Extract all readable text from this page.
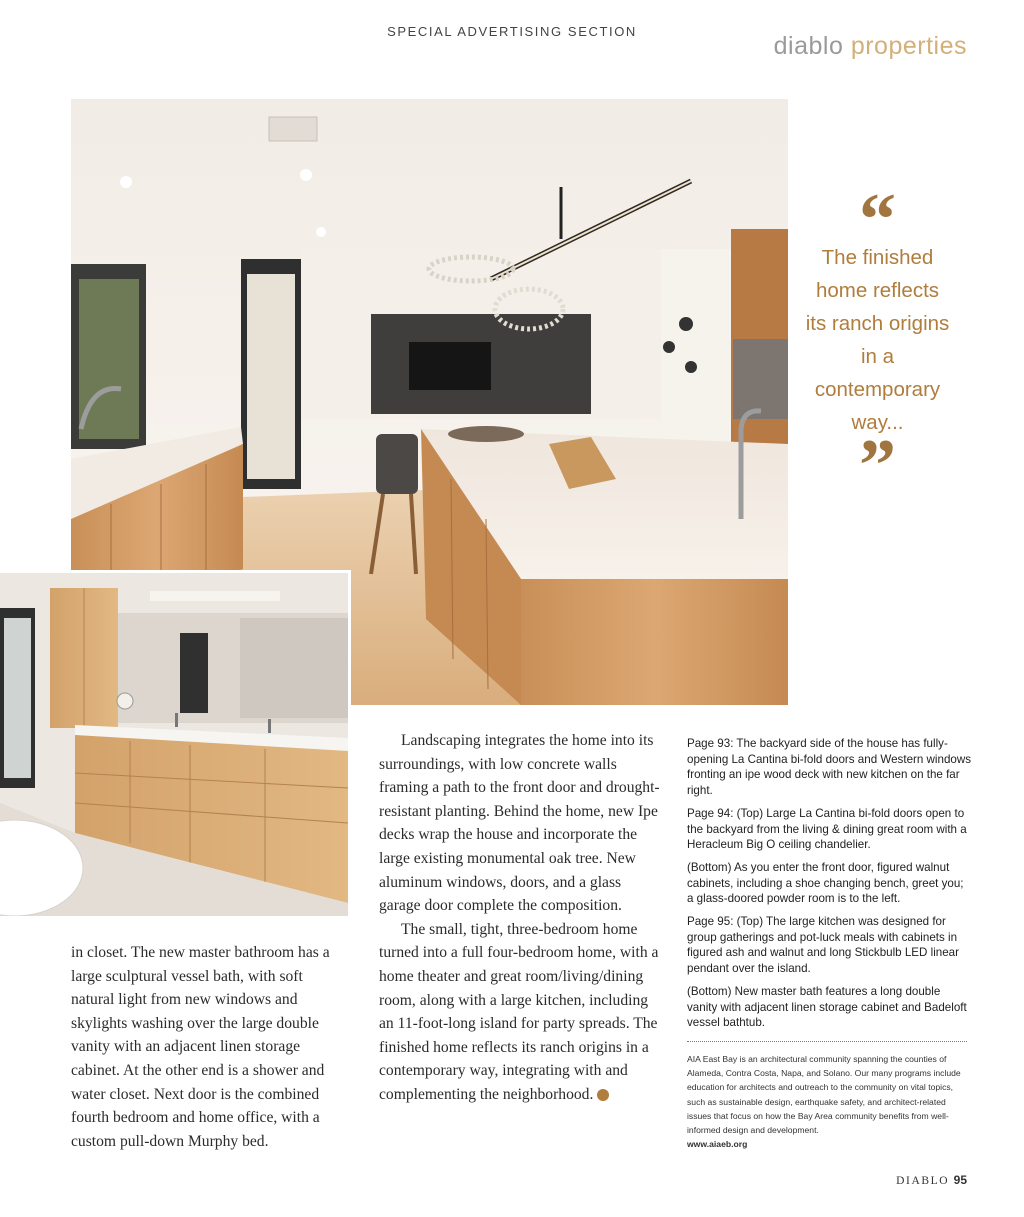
SPECIAL ADVERTISING SECTION
diablo properties
“
The finished home reflects its ranch origins in a contemporary way...
”

in closet. The new master bathroom has a large sculptural vessel bath, with soft natural light from new windows and skylights washing over the large double vanity with an adjacent linen storage cabinet. At the other end is a shower and water closet. Next door is the combined fourth bedroom and home office, with a custom pull-down Murphy bed.

Landscaping integrates the home into its surroundings, with low concrete walls framing a path to the front door and drought-resistant planting. Behind the home, new Ipe decks wrap the house and incorporate the large existing monumental oak tree. New aluminum windows, doors, and a glass garage door complete the composition.

The small, tight, three-bedroom home turned into a full four-bedroom home, with a home theater and great room/living/dining room, along with a large kitchen, including an 11-foot-long island for party spreads. The finished home reflects its ranch origins in a contemporary way, integrating with and complementing the neighborhood.	d

Page 93: The backyard side of the house has fully-opening La Cantina bi-fold doors and Western windows fronting an ipe wood deck with new kitchen on the far right.

Page 94: (Top) Large La Cantina bi-fold doors open to the backyard from the living & dining great room with a Heracleum Big O ceiling chandelier.

(Bottom) As you enter the front door, figured walnut cabinets, including a shoe changing bench, greet you; a glass-doored powder room is to the left.

Page 95: (Top) The large kitchen was designed for group gatherings and pot-luck meals with cabinets in figured ash and walnut and long Stickbulb LED linear pendant over the island.

(Bottom) New master bath features a long double vanity with adjacent linen storage cabinet and Badeloft vessel bathtub.

AIA East Bay is an architectural community spanning the counties of Alameda, Contra Costa, Napa, and Solano. Our many programs include education for architects and outreach to the community on vital topics, such as sustainable design, earthquake safety, and architect-related issues that focus on how the Bay Area community benefits from well-informed design and development.
www.aiaeb.org
DIABLO 95
